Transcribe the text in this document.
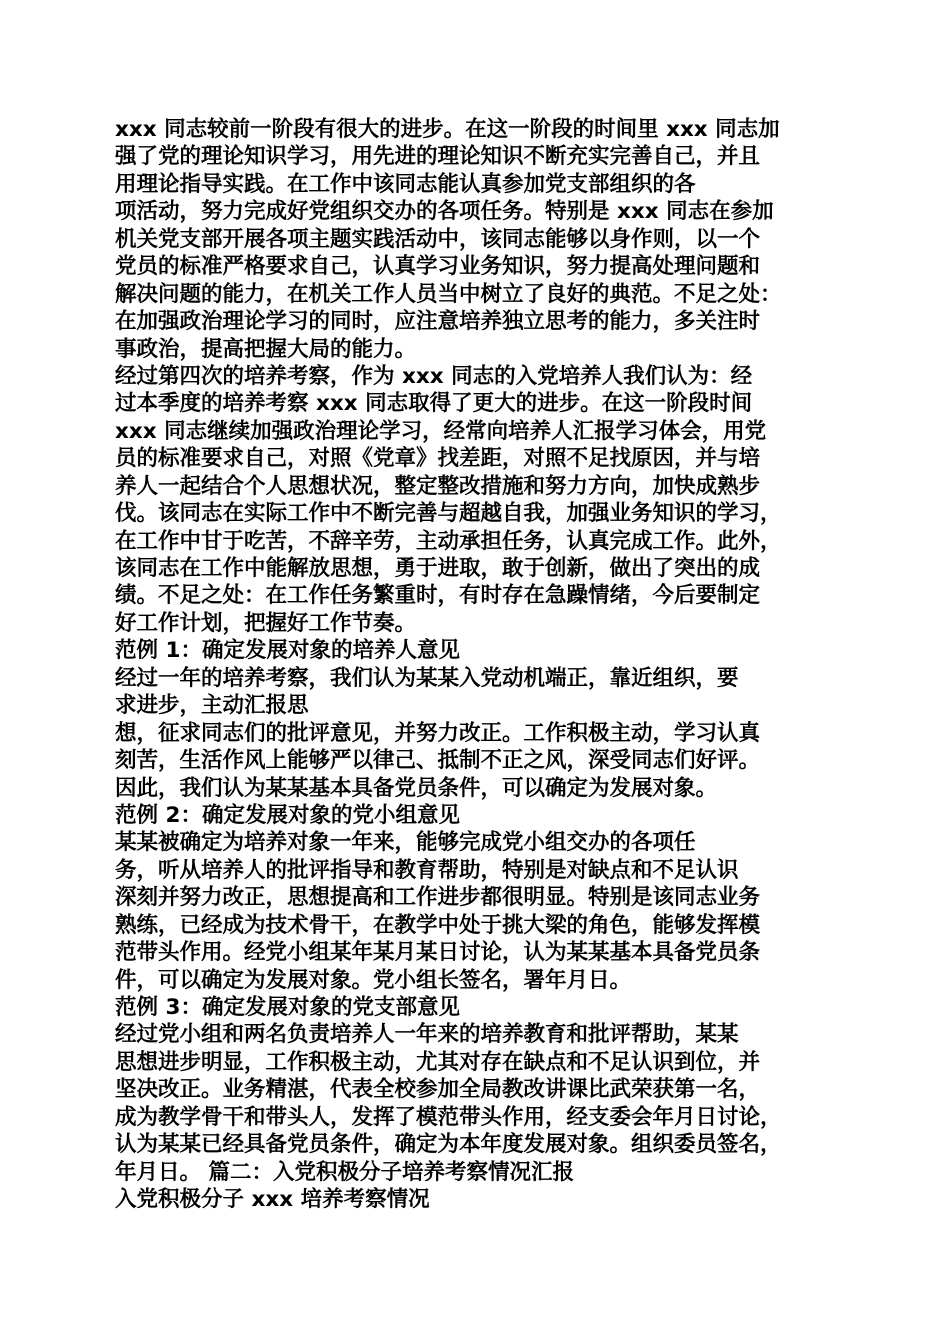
xxx 同志较前一阶段有很大的进步。在这一阶段的时间里 xxx 同志加
强了党的理论知识学习，用先进的理论知识不断充实完善自己，并且
用理论指导实践。在工作中该同志能认真参加党支部组织的各
项活动，努力完成好党组织交办的各项任务。特别是 xxx 同志在参加
机关党支部开展各项主题实践活动中，该同志能够以身作则，以一个
党员的标准严格要求自己，认真学习业务知识，努力提高处理问题和
解决问题的能力，在机关工作人员当中树立了良好的典范。不足之处：
在加强政治理论学习的同时，应注意培养独立思考的能力，多关注时
事政治，提高把握大局的能力。
经过第四次的培养考察，作为 xxx 同志的入党培养人我们认为：经
过本季度的培养考察 xxx 同志取得了更大的进步。在这一阶段时间
xxx 同志继续加强政治理论学习，经常向培养人汇报学习体会，用党
员的标准要求自己，对照《党章》找差距，对照不足找原因，并与培
养人一起结合个人思想状况，整定整改措施和努力方向，加快成熟步
伐。该同志在实际工作中不断完善与超越自我，加强业务知识的学习，
在工作中甘于吃苦，不辞辛劳，主动承担任务，认真完成工作。此外，
该同志在工作中能解放思想，勇于进取，敢于创新，做出了突出的成
绩。不足之处：在工作任务繁重时，有时存在急躁情绪，今后要制定
好工作计划，把握好工作节奏。
范例 1：确定发展对象的培养人意见
经过一年的培养考察，我们认为某某入党动机端正，靠近组织，要
求进步，主动汇报思
想，征求同志们的批评意见，并努力改正。工作积极主动，学习认真
刻苦，生活作风上能够严以律己、抵制不正之风，深受同志们好评。
因此，我们认为某某基本具备党员条件，可以确定为发展对象。
范例 2：确定发展对象的党小组意见
某某被确定为培养对象一年来，能够完成党小组交办的各项任
务，听从培养人的批评指导和教育帮助，特别是对缺点和不足认识
深刻并努力改正，思想提高和工作进步都很明显。特别是该同志业务
熟练，已经成为技术骨干，在教学中处于挑大梁的角色，能够发挥模
范带头作用。经党小组某年某月某日讨论，认为某某基本具备党员条
件，可以确定为发展对象。党小组长签名，署年月日。
范例 3：确定发展对象的党支部意见
经过党小组和两名负责培养人一年来的培养教育和批评帮助，某某
思想进步明显，工作积极主动，尤其对存在缺点和不足认识到位，并
坚决改正。业务精湛，代表全校参加全局教改讲课比武荣获第一名，
成为教学骨干和带头人，发挥了模范带头作用，经支委会年月日讨论，
认为某某已经具备党员条件，确定为本年度发展对象。组织委员签名，
年月日。 篇二：入党积极分子培养考察情况汇报
入党积极分子 xxx 培养考察情况
